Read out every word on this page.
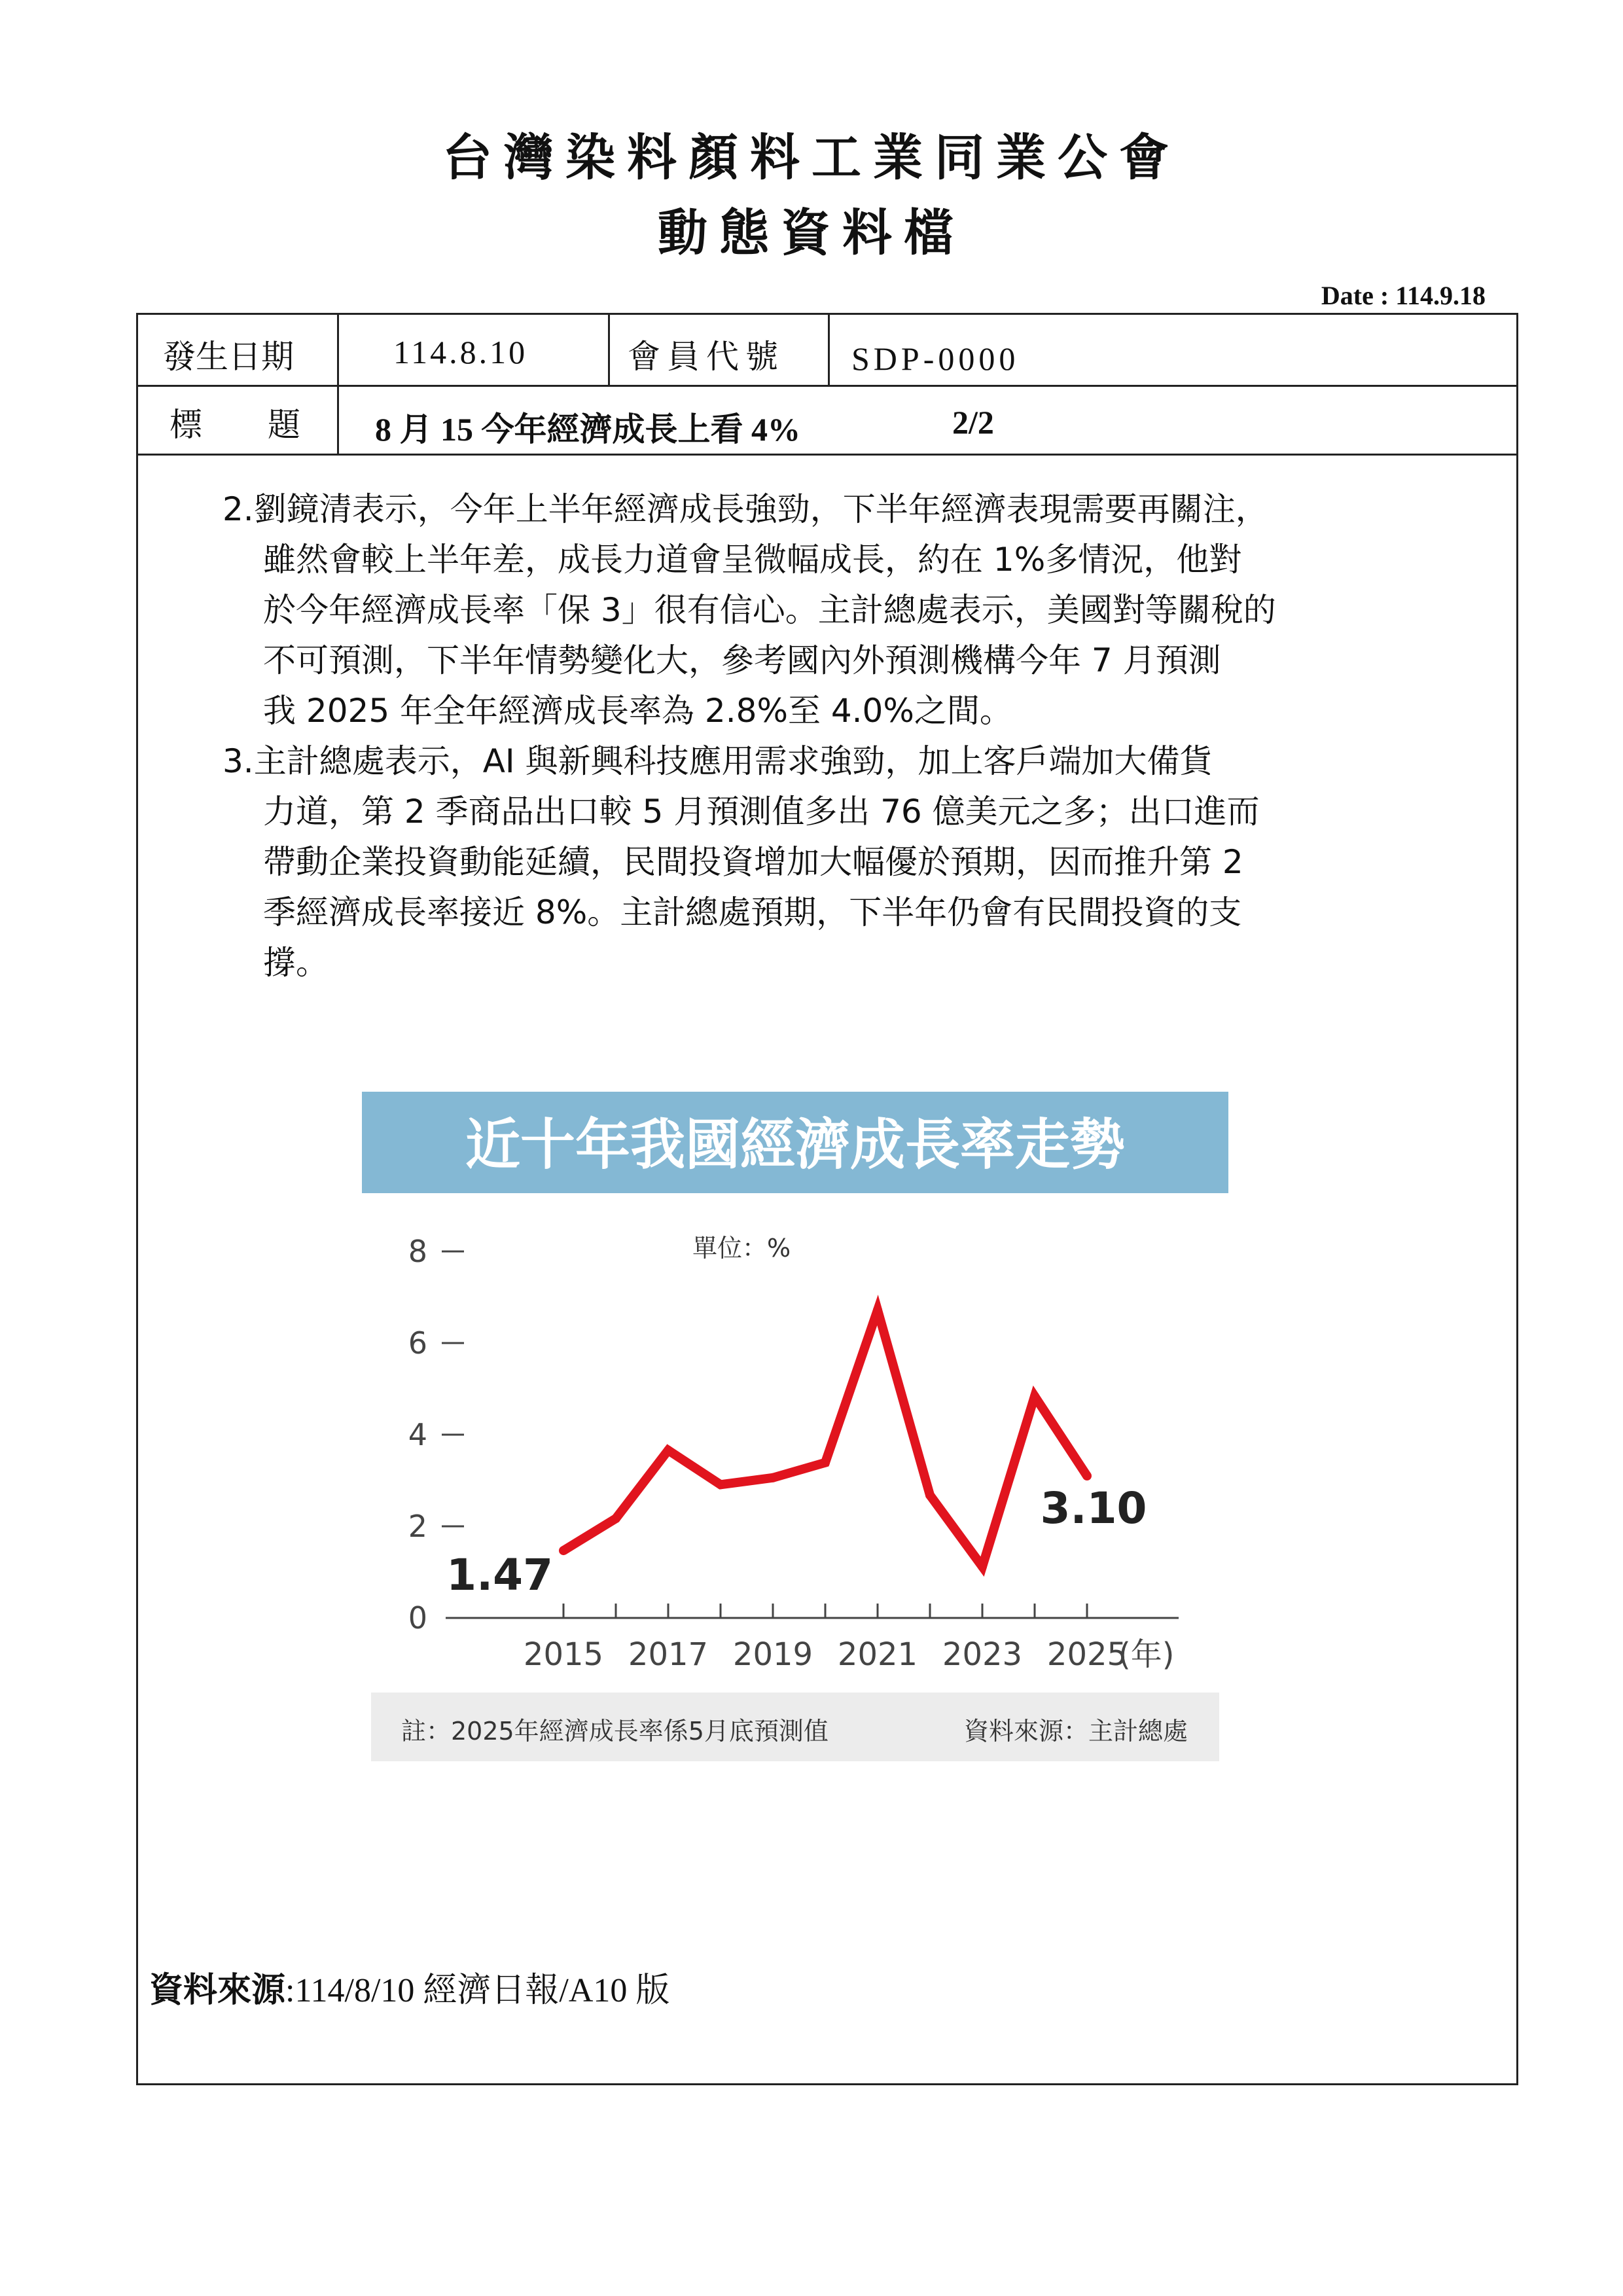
台灣染料顏料工業同業公會
動態資料檔
Date : 114.9.18
發生日期	114.8.10	會員代號 SDP-0000
標　　題 8 月 15 今年經濟成長上看 4%	2/2

2.劉鏡清表示，今年上半年經濟成長強勁，下半年經濟表現需要再關注，
雖然會較上半年差，成長力道會呈微幅成長，約在 1%多情況，他對
於今年經濟成長率「保 3」很有信心。主計總處表示，美國對等關稅的
不可預測，下半年情勢變化大，參考國內外預測機構今年 7 月預測
我 2025 年全年經濟成長率為 2.8%至 4.0%之間。

3.主計總處表示，AI 與新興科技應用需求強勁，加上客戶端加大備貨
力道，第 2 季商品出口較 5 月預測值多出 76 億美元之多；出口進而
帶動企業投資動能延續，民間投資增加大幅優於預期，因而推升第 2
季經濟成長率接近 8%。主計總處預期，下半年仍會有民間投資的支
撐。

近十年我國經濟成長率走勢
單位：%
0
2
4
6
8
2015 2017 2019 2021 2023 2025
(年)
1.47
3.10
註：2025年經濟成長率係5月底預測值	資料來源：主計總處
資料來源:114/8/10 經濟日報/A10 版
